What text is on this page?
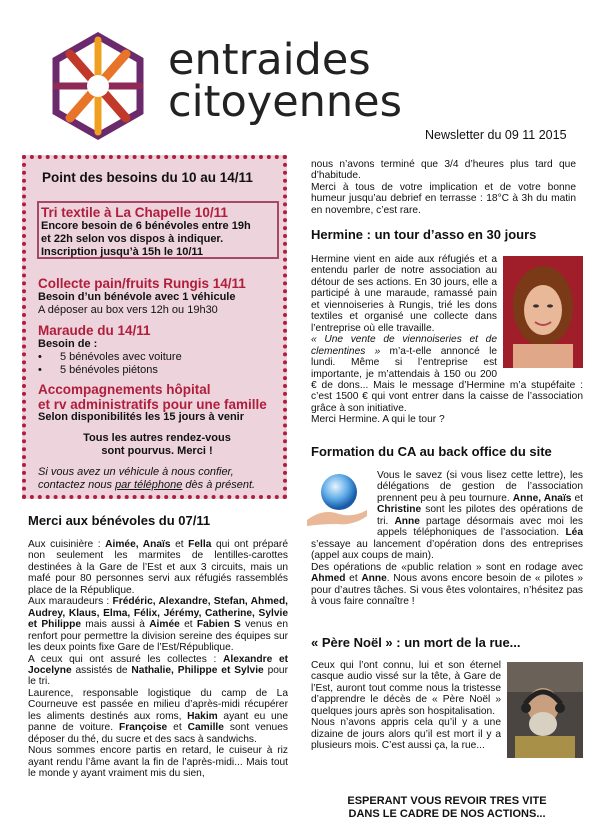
entraides
citoyennes
Newsletter du 09 11 2015
Point des besoins du 10 au 14/11
Tri textile à La Chapelle 10/11
Encore besoin de 6 bénévoles entre 19h
et 22h selon vos dispos à indiquer.
Inscription jusqu’à 15h le 10/11
Collecte pain/fruits Rungis 14/11
Besoin d’un bénévole avec 1 véhicule
A déposer au box vers 12h ou 19h30
Maraude du 14/11
Besoin de :
• 5 bénévoles avec voiture
• 5 bénévoles piétons
Accompagnements hôpital
et rv administratifs pour une famille
Selon disponibilités les 15 jours à venir
Tous les autres rendez-vous
sont pourvus. Merci !
Si vous avez un véhicule à nous confier,
contactez nous par téléphone dès à présent.
Merci aux bénévoles du 07/11
Aux cuisinière : Aimée, Anaïs et Fella qui ont préparé non seulement les marmites de lentilles-carottes destinées à la Gare de l’Est et aux 3 circuits, mais un mafé pour 80 personnes servi aux réfugiés rassemblés place de la République.
Aux maraudeurs : Frédéric, Alexandre, Stefan, Ahmed, Audrey, Klaus, Elma, Félix, Jérémy, Catherine, Sylvie et Philippe mais aussi à Aimée et Fabien S venus en renfort pour permettre la division sereine des équipes sur les deux points fixe Gare de l’Est/République.
A ceux qui ont assuré les collectes : Alexandre et Jocelyne assistés de Nathalie, Philippe et Sylvie pour le tri.
Laurence, responsable logistique du camp de La Courneuve est passée en milieu d’après-midi récupérer les aliments destinés aux roms, Hakim ayant eu une panne de voiture. Françoise et Camille sont venues déposer du thé, du sucre et des sacs à sandwichs.
Nous sommes encore partis en retard, le cuiseur à riz ayant rendu l’âme avant la fin de l’après-midi... Mais tout le monde y ayant vraiment mis du sien,
nous n’avons terminé que 3/4 d’heures plus tard que d’habitude.
Merci à tous de votre implication et de votre bonne humeur jusqu’au debrief en terrasse : 18°C à 3h du matin en novembre, c’est rare.
Hermine : un tour d’asso en 30 jours
Hermine vient en aide aux réfugiés et a entendu parler de notre association au détour de ses actions. En 30 jours, elle a participé à une maraude, ramassé pain et viennoiseries à Rungis, trié les dons textiles et organisé une collecte dans l’entreprise où elle travaille.
« Une vente de viennoiseries et de clementines » m’a-t-elle annoncé le lundi. Même si l’entreprise est importante, je m’attendais à 150 ou 200 € de dons... Mais le message d’Hermine m’a stupéfaite : c’est 1500 € qui vont entrer dans la caisse de l’association grâce à son initiative.
Merci Hermine. A qui le tour ?
Formation du CA au back office du site
Vous le savez (si vous lisez cette lettre), les délégations de gestion de l’association prennent peu à peu tournure. Anne, Anaïs et Christine sont les pilotes des opérations de tri. Anne partage désormais avec moi les appels téléphoniques de l’association. Léa s’essaye au lancement d’opération dons des entreprises (appel aux coups de main).
Des opérations de «public relation » sont en rodage avec Ahmed et Anne. Nous avons encore besoin de « pilotes » pour d’autres tâches. Si vous êtes volontaires, n’hésitez pas à vous faire connaître !
« Père Noël » : un mort de la rue...
Ceux qui l’ont connu, lui et son éternel casque audio vissé sur la tête, à Gare de l’Est, auront tout comme nous la tristesse d’apprendre le décès de « Père Noël » quelques jours après son hospitalisation.
Nous n’avons appris cela qu’il y a une dizaine de jours alors qu’il est mort il y a plusieurs mois. C’est aussi ça, la rue...
ESPERANT VOUS REVOIR TRES VITE
DANS LE CADRE DE NOS ACTIONS...
